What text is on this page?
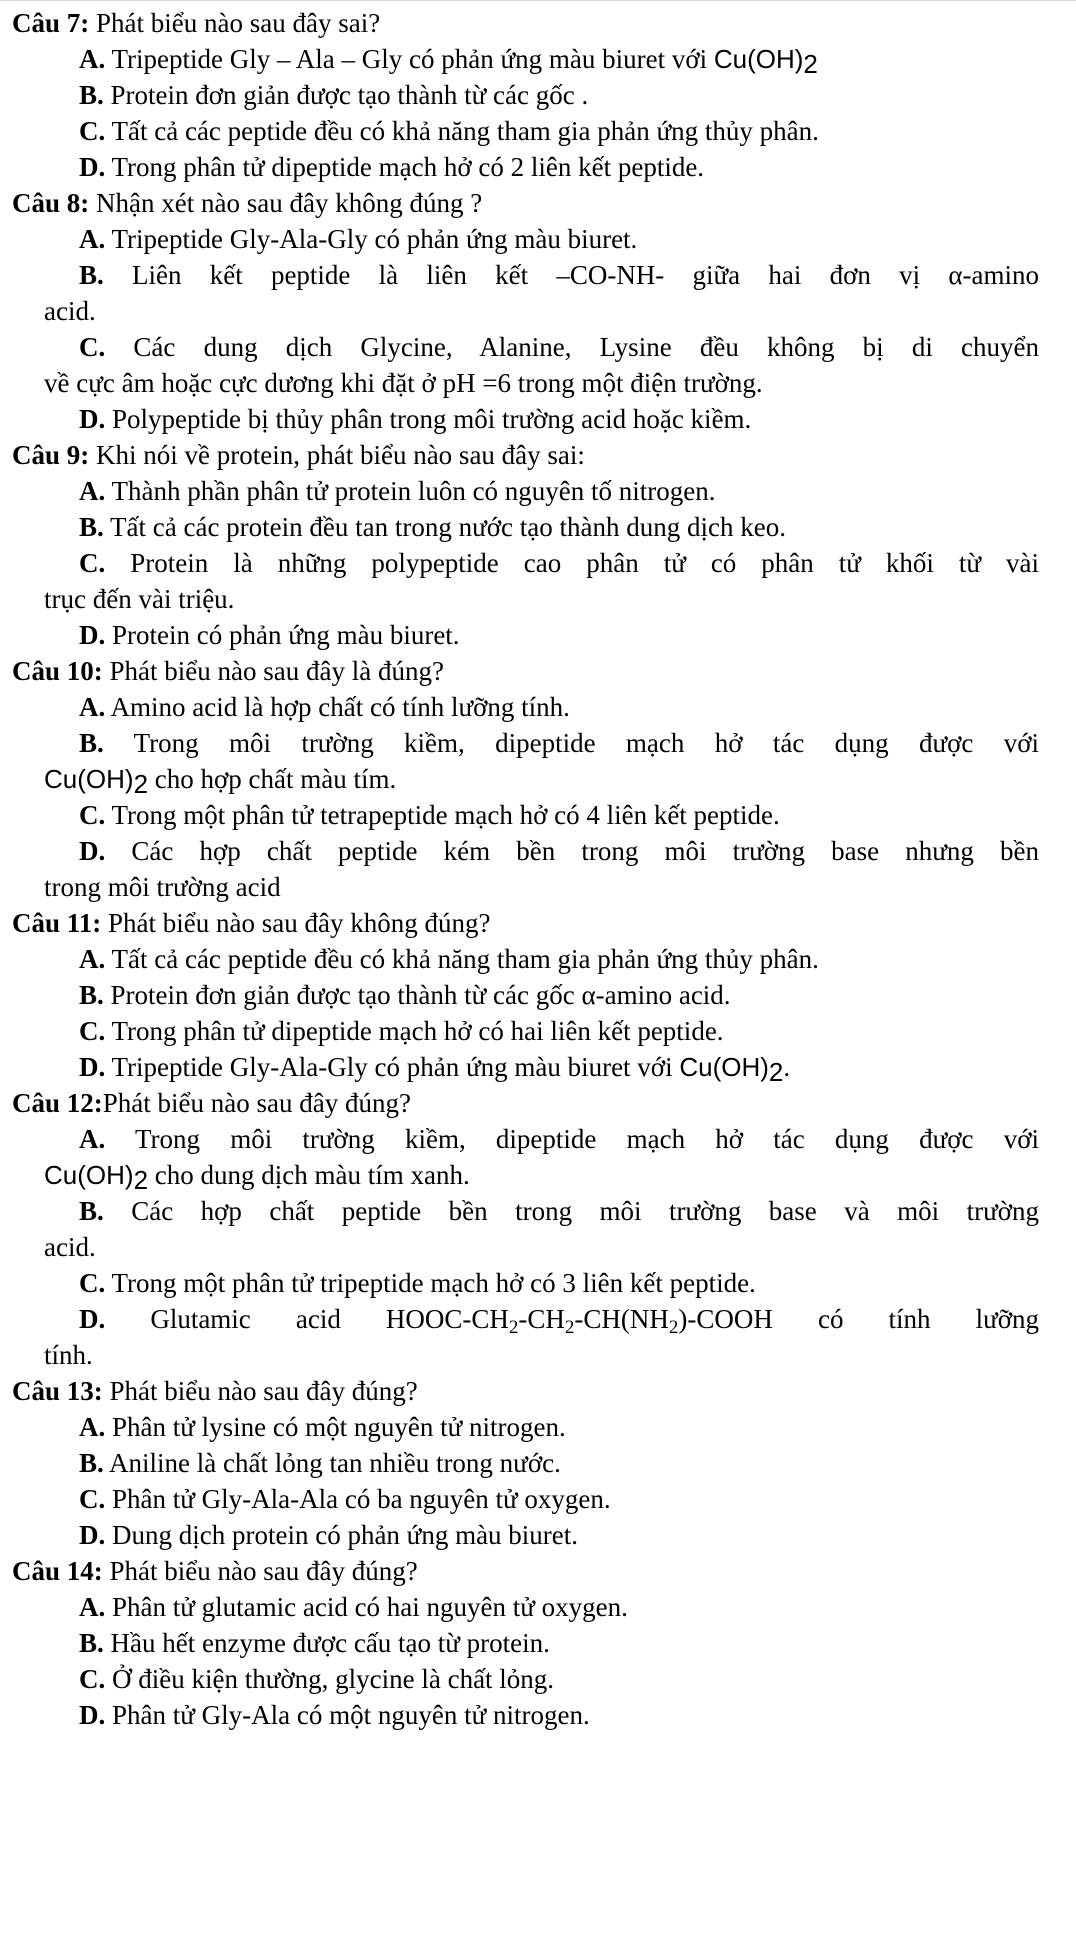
Câu 7: Phát biểu nào sau đây sai?
A. Tripeptide Gly – Ala – Gly có phản ứng màu biuret với $Cu(OH)_2$
B. Protein đơn giản được tạo thành từ các gốc .
C. Tất cả các peptide đều có khả năng tham gia phản ứng thủy phân.
D. Trong phân tử dipeptide mạch hở có 2 liên kết peptide.
Câu 8: Nhận xét nào sau đây không đúng ?
A. Tripeptide Gly-Ala-Gly có phản ứng màu biuret.
B. Liên kết peptide là liên kết –CO-NH- giữa hai đơn vị α-amino
acid.
C. Các dung dịch Glycine, Alanine, Lysine đều không bị di chuyển
về cực âm hoặc cực dương khi đặt ở pH =6 trong một điện trường.
D. Polypeptide bị thủy phân trong môi trường acid hoặc kiềm.
Câu 9: Khi nói về protein, phát biểu nào sau đây sai:
A. Thành phần phân tử protein luôn có nguyên tố nitrogen.
B. Tất cả các protein đều tan trong nước tạo thành dung dịch keo.
C. Protein là những polypeptide cao phân tử có phân tử khối từ vài
trục đến vài triệu.
D. Protein có phản ứng màu biuret.
Câu 10: Phát biểu nào sau đây là đúng?
A. Amino acid là hợp chất có tính lưỡng tính.
B. Trong môi trường kiềm, dipeptide mạch hở tác dụng được với
$Cu(OH)_2$ cho hợp chất màu tím.
C. Trong một phân tử tetrapeptide mạch hở có 4 liên kết peptide.
D. Các hợp chất peptide kém bền trong môi trường base nhưng bền
trong môi trường acid
Câu 11: Phát biểu nào sau đây không đúng?
A. Tất cả các peptide đều có khả năng tham gia phản ứng thủy phân.
B. Protein đơn giản được tạo thành từ các gốc α-amino acid.
C. Trong phân tử dipeptide mạch hở có hai liên kết peptide.
D. Tripeptide Gly-Ala-Gly có phản ứng màu biuret với $Cu(OH)_2$.
Câu 12:Phát biểu nào sau đây đúng?
A. Trong môi trường kiềm, dipeptide mạch hở tác dụng được với
$Cu(OH)_2$ cho dung dịch màu tím xanh.
B. Các hợp chất peptide bền trong môi trường base và môi trường
acid.
C. Trong một phân tử tripeptide mạch hở có 3 liên kết peptide.
D. Glutamic acid HOOC-$CH_2-CH_2-CH(NH_2)$-COOH có tính lưỡng
tính.
Câu 13: Phát biểu nào sau đây đúng?
A. Phân tử lysine có một nguyên tử nitrogen.
B. Aniline là chất lỏng tan nhiều trong nước.
C. Phân tử Gly-Ala-Ala có ba nguyên tử oxygen.
D. Dung dịch protein có phản ứng màu biuret.
Câu 14: Phát biểu nào sau đây đúng?
A. Phân tử glutamic acid có hai nguyên tử oxygen.
B. Hầu hết enzyme được cấu tạo từ protein.
C. Ở điều kiện thường, glycine là chất lỏng.
D. Phân tử Gly-Ala có một nguyên tử nitrogen.
